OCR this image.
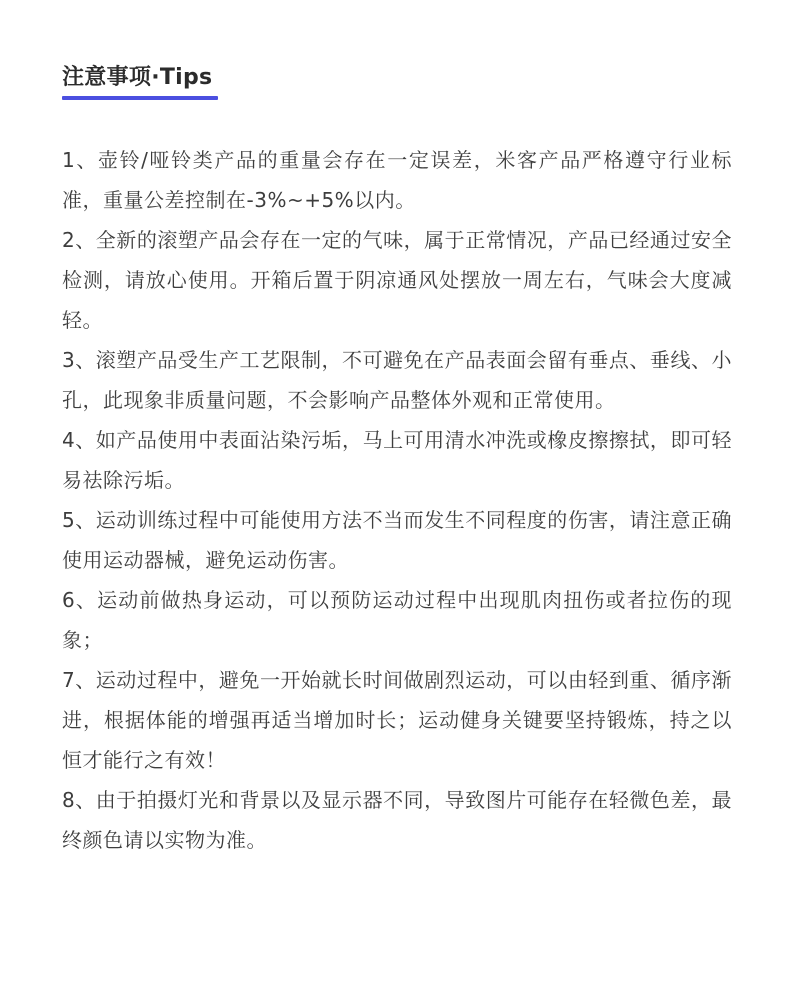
注意事项·Tips

1、壶铃/哑铃类产品的重量会存在一定误差，米客产品严格遵守行业标准，重量公差控制在-3%~+5%以内。

2、全新的滚塑产品会存在一定的气味，属于正常情况，产品已经通过安全检测，请放心使用。开箱后置于阴凉通风处摆放一周左右，气味会大度减轻。

3、滚塑产品受生产工艺限制，不可避免在产品表面会留有垂点、垂线、小孔，此现象非质量问题，不会影响产品整体外观和正常使用。

4、如产品使用中表面沾染污垢，马上可用清水冲洗或橡皮擦擦拭，即可轻易祛除污垢。

5、运动训练过程中可能使用方法不当而发生不同程度的伤害，请注意正确使用运动器械，避免运动伤害。

6、运动前做热身运动，可以预防运动过程中出现肌肉扭伤或者拉伤的现象；

7、运动过程中，避免一开始就长时间做剧烈运动，可以由轻到重、循序渐进，根据体能的增强再适当增加时长；运动健身关键要坚持锻炼，持之以恒才能行之有效！

8、由于拍摄灯光和背景以及显示器不同，导致图片可能存在轻微色差，最终颜色请以实物为准。
